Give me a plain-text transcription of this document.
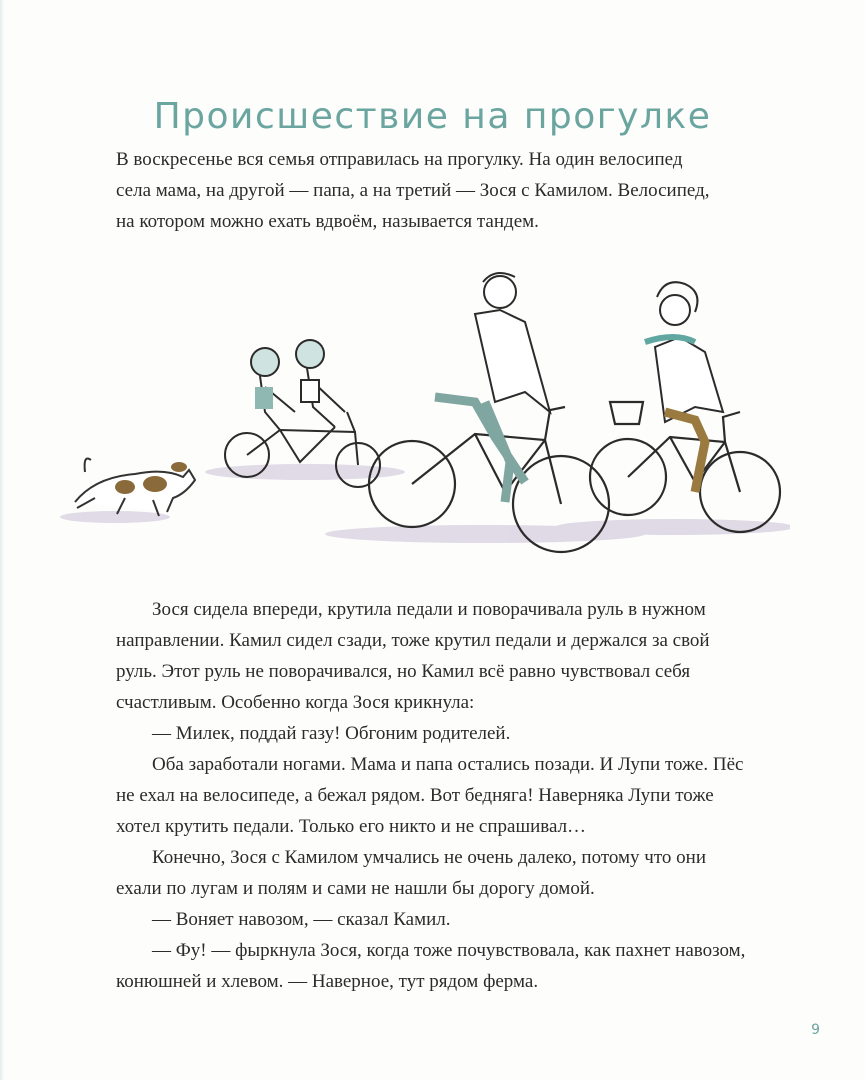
Происшествие на прогулке
В воскресенье вся семья отправилась на прогулку. На один велосипед
села мама, на другой — папа, а на третий — Зося с Камилом. Велосипед,
на котором можно ехать вдвоём, называется тандем.
Зося сидела впереди, крутила педали и поворачивала руль в нужном
направлении. Камил сидел сзади, тоже крутил педали и держался за свой
руль. Этот руль не поворачивался, но Камил всё равно чувствовал себя
счастливым. Особенно когда Зося крикнула:
— Милек, поддай газу! Обгоним родителей.
Оба заработали ногами. Мама и папа остались позади. И Лупи тоже. Пёс
не ехал на велосипеде, а бежал рядом. Вот бедняга! Наверняка Лупи тоже
хотел крутить педали. Только его никто и не спрашивал…
Конечно, Зося с Камилом умчались не очень далеко, потому что они
ехали по лугам и полям и сами не нашли бы дорогу домой.
— Воняет навозом, — сказал Камил.
— Фу! — фыркнула Зося, когда тоже почувствовала, как пахнет навозом,
конюшней и хлевом. — Наверное, тут рядом ферма.
9
